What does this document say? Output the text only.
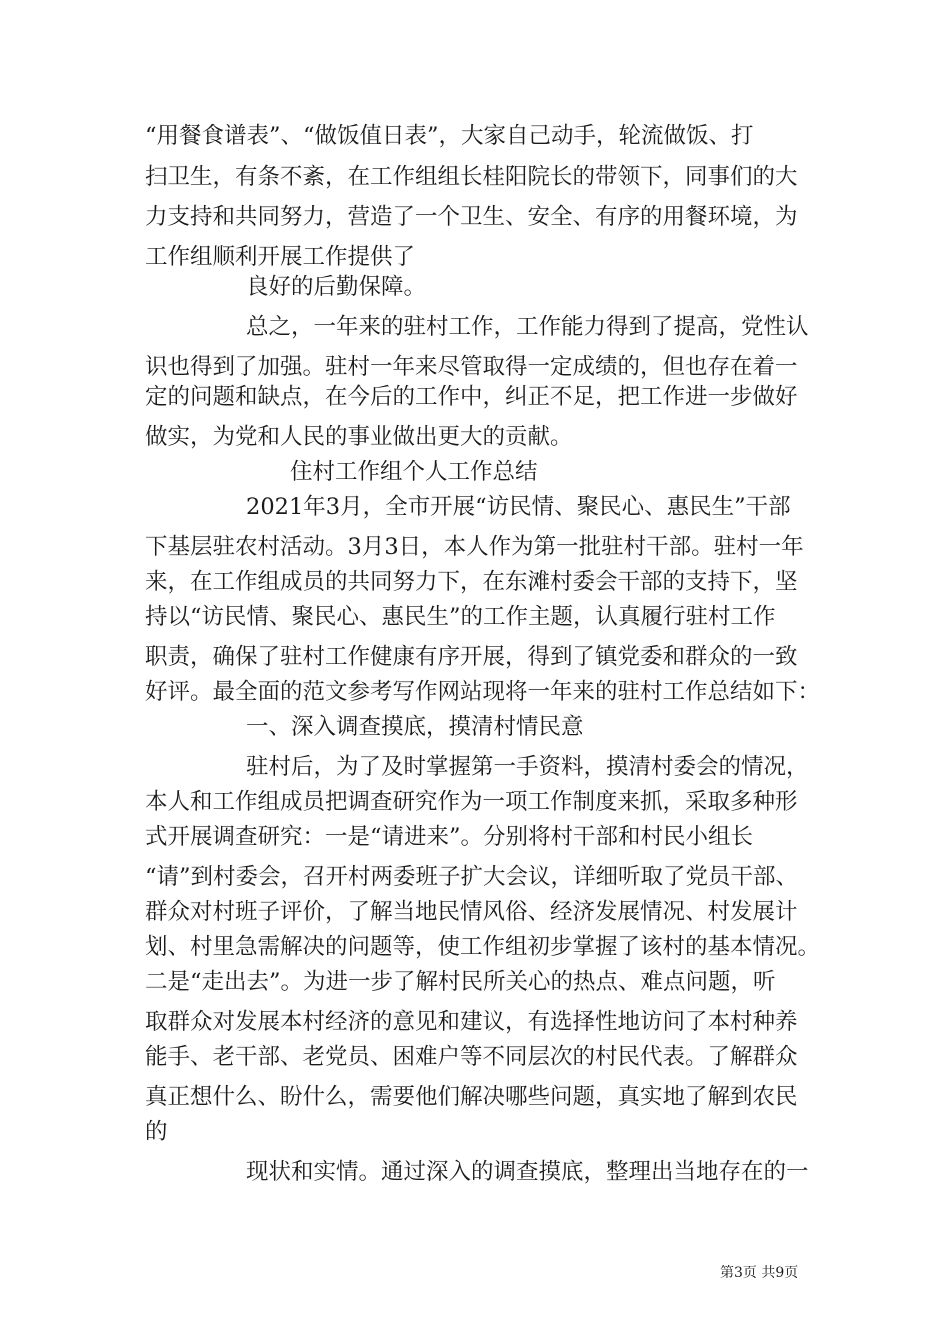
“用餐食谱表”、“做饭值日表”，大家自己动手，轮流做饭、打
扫卫生，有条不紊，在工作组组长桂阳院长的带领下，同事们的大
力支持和共同努力，营造了一个卫生、安全、有序的用餐环境，为
工作组顺利开展工作提供了
良好的后勤保障。
总之，一年来的驻村工作，工作能力得到了提高，党性认
识也得到了加强。驻村一年来尽管取得一定成绩的，但也存在着一
定的问题和缺点，在今后的工作中，纠正不足，把工作进一步做好
做实，为党和人民的事业做出更大的贡献。
住村工作组个人工作总结
2021年3月，全市开展“访民情、聚民心、惠民生”干部
下基层驻农村活动。3月3日，本人作为第一批驻村干部。驻村一年
来，在工作组成员的共同努力下，在东滩村委会干部的支持下，坚
持以“访民情、聚民心、惠民生”的工作主题，认真履行驻村工作
职责，确保了驻村工作健康有序开展，得到了镇党委和群众的一致
好评。最全面的范文参考写作网站现将一年来的驻村工作总结如下：
一、深入调查摸底，摸清村情民意
驻村后，为了及时掌握第一手资料，摸清村委会的情况，
本人和工作组成员把调查研究作为一项工作制度来抓，采取多种形
式开展调查研究：一是“请进来”。分别将村干部和村民小组长
“请”到村委会，召开村两委班子扩大会议，详细听取了党员干部、
群众对村班子评价，了解当地民情风俗、经济发展情况、村发展计
划、村里急需解决的问题等，使工作组初步掌握了该村的基本情况。
二是“走出去”。为进一步了解村民所关心的热点、难点问题，听
取群众对发展本村经济的意见和建议，有选择性地访问了本村种养
能手、老干部、老党员、困难户等不同层次的村民代表。了解群众
真正想什么、盼什么，需要他们解决哪些问题，真实地了解到农民
的
现状和实情。通过深入的调查摸底，整理出当地存在的一
第3页 共9页
